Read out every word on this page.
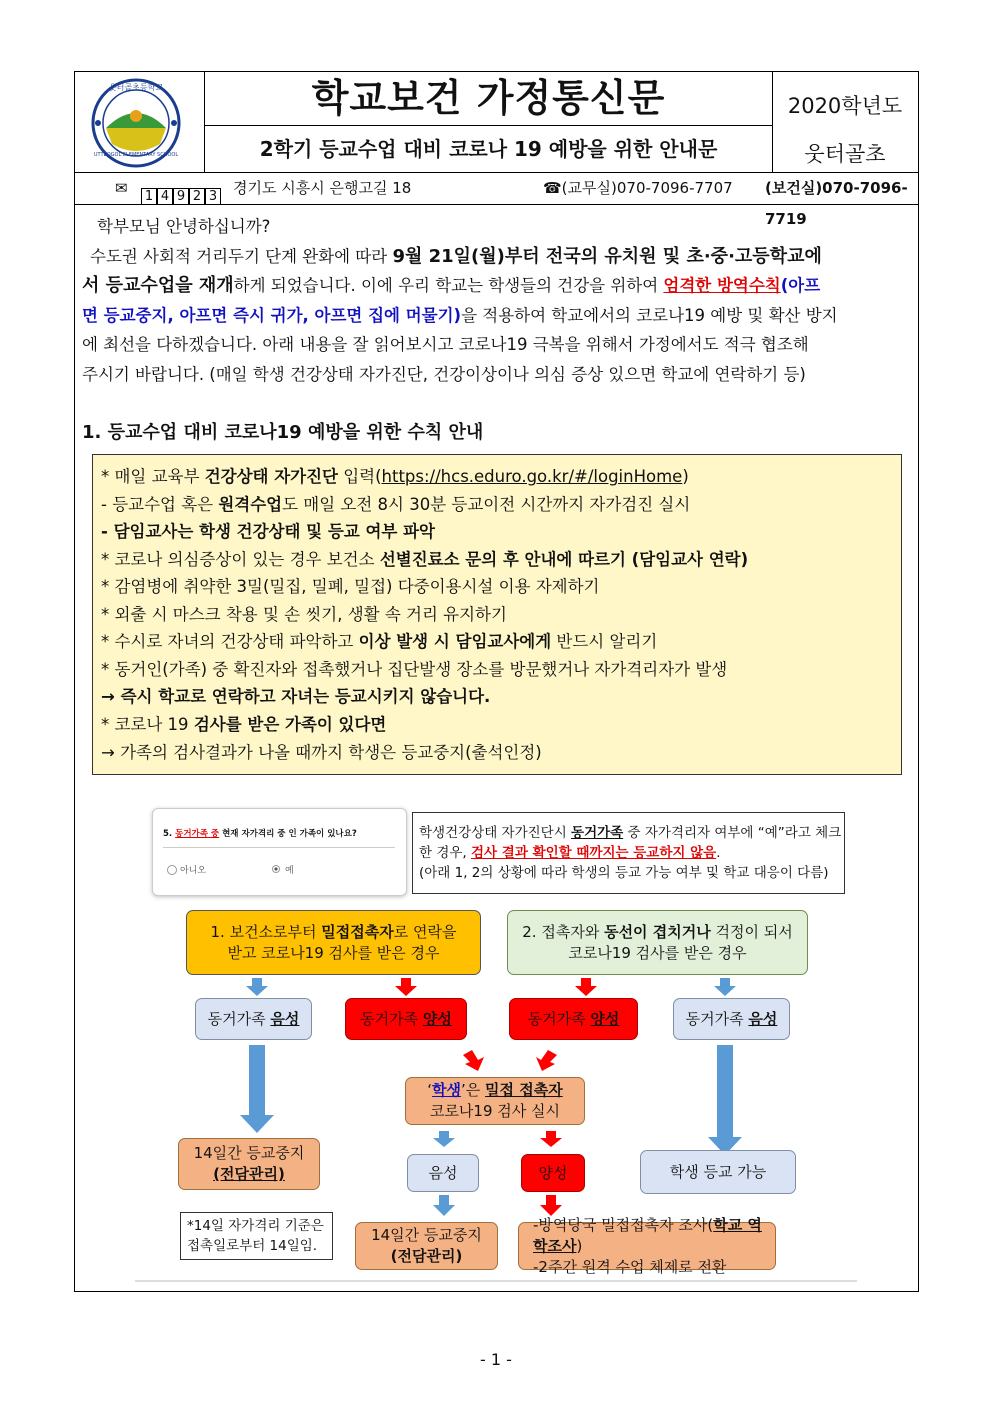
웃터골초등학교
UTTEOGOL ELEMENTARY SCHOOL
학교보건 가정통신문
2학기 등교수업 대비 코로나 19 예방을 위한 안내문
2020학년도
웃터골초
✉ 1 4 9 2 3 경기도 시흥시 은행고길 18	☎(교무실)070-7096-7707 (보건실)070-7096-7719
학부모님 안녕하십니까?
수도권 사회적 거리두기 단계 완화에 따라 9월 21일(월)부터 전국의 유치원 및 초·중·고등학교에
서 등교수업을 재개하게 되었습니다. 이에 우리 학교는 학생들의 건강을 위하여 엄격한 방역수칙(아프
면 등교중지, 아프면 즉시 귀가, 아프면 집에 머물기)을 적용하여 학교에서의 코로나19 예방 및 확산 방지
에 최선을 다하겠습니다. 아래 내용을 잘 읽어보시고 코로나19 극복을 위해서 가정에서도 적극 협조해
주시기 바랍니다. (매일 학생 건강상태 자가진단, 건강이상이나 의심 증상 있으면 학교에 연락하기 등)
1. 등교수업 대비 코로나19 예방을 위한 수칙 안내
* 매일 교육부 건강상태 자가진단 입력(https://hcs.eduro.go.kr/#/loginHome)
- 등교수업 혹은 원격수업도 매일 오전 8시 30분 등교이전 시간까지 자가검진 실시
- 담임교사는 학생 건강상태 및 등교 여부 파악
* 코로나 의심증상이 있는 경우 보건소 선별진료소 문의 후 안내에 따르기 (담임교사 연락)
* 감염병에 취약한 3밀(밀집, 밀폐, 밀접) 다중이용시설 이용 자제하기
* 외출 시 마스크 착용 및 손 씻기, 생활 속 거리 유지하기
* 수시로 자녀의 건강상태 파악하고 이상 발생 시 담임교사에게 반드시 알리기
* 동거인(가족) 중 확진자와 접촉했거나 집단발생 장소를 방문했거나 자가격리자가 발생
→ 즉시 학교로 연락하고 자녀는 등교시키지 않습니다.
* 코로나 19 검사를 받은 가족이 있다면
→ 가족의 검사결과가 나올 때까지 학생은 등교중지(출석인정)
5. 동거가족 중 현재 자가격리 중 인 가족이 있나요?
아니오	예
학생건강상태 자가진단시 동거가족 중 자가격리자 여부에 “예”라고 체크
한 경우, 검사 결과 확인할 때까지는 등교하지 않음.
(아래 1, 2의 상황에 따라 학생의 등교 가능 여부 및 학교 대응이 다름)
1. 보건소로부터 밀접접촉자로 연락을
받고 코로나19 검사를 받은 경우
2. 접촉자와 동선이 겹치거나 걱정이 되서
코로나19 검사를 받은 경우
동거가족 음성	동거가족 양성	동거가족 양성	동거가족 음성
‘학생’은 밀접 접촉자
코로나19 검사 실시
14일간 등교중지
(전담관리)	음성	양성	학생 등교 가능
*14일 자가격리 기준은
접촉일로부터 14일임.
14일간 등교중지
(전담관리)
-방역당국 밀접접촉자 조사(학교 역학조사)
-2주간 원격 수업 체제로 전환
- 1 -
